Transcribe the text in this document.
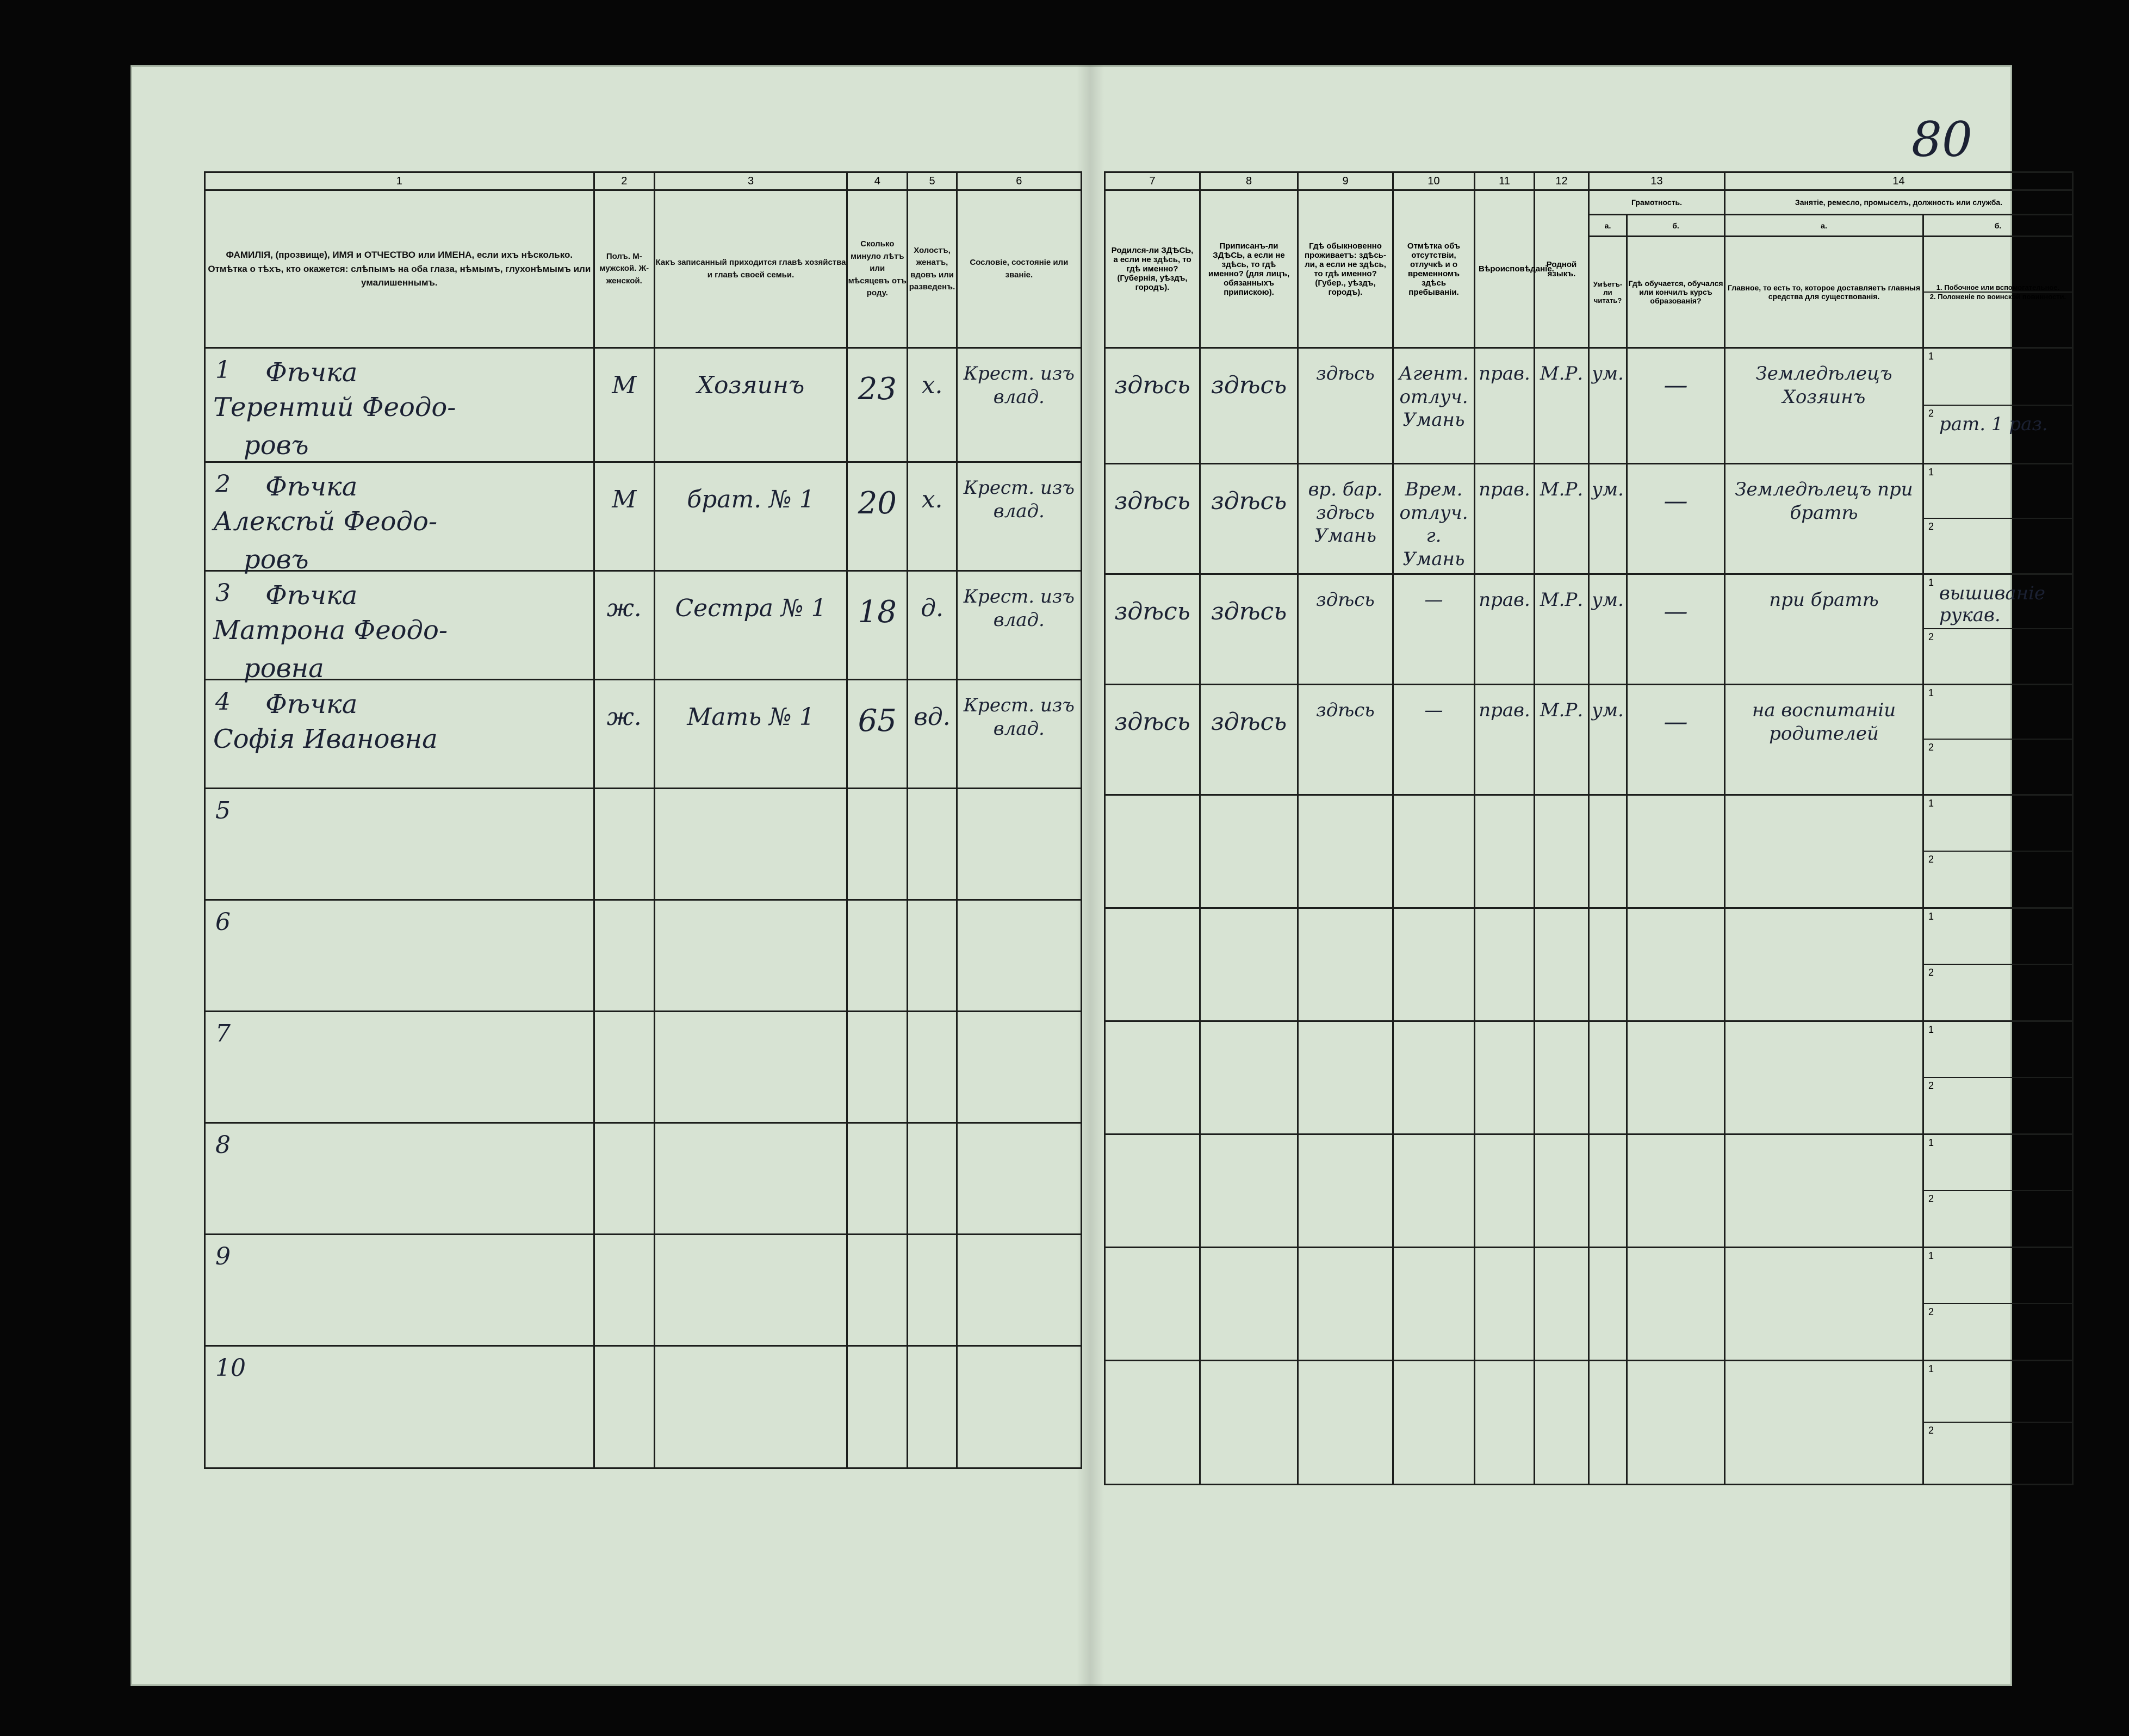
80
1	2	3	4	5	6
ФАМИЛІЯ, (прозвище), ИМЯ и ОТЧЕСТВО или ИМЕНА, если ихъ нѣсколько. Отмѣтка о тѣхъ, кто окажется: слѣпымъ на оба глаза, нѣмымъ, глухонѣмымъ или умалишеннымъ.	Полъ. М-мужской. Ж-женской.	Какъ записанный приходится главѣ хозяйства и главѣ своей семьи.	Сколько минуло лѣтъ или мѣсяцевъ отъ роду.	Холостъ, женатъ, вдовъ или разведенъ.	Сословіе, состояніе или званіе.

1 Фѣчка
Терентий Феодо-
ровъ	М	Хозяинъ	23	х.	Крест. изъ влад.

2 Фѣчка
Алексѣй Феодо-
ровъ	М	брат. № 1	20	х.	Крест. изъ влад.

3 Фѣчка
Матрона Феодо-
ровна	ж.	Сестра № 1	18	д.	Крест. изъ влад.

4 Фѣчка
Софія Ивановна	ж.	Мать № 1	65	вд.	Крест. изъ влад.

5					

6					

7					

8					

9					

10					

7	8	9	10	11	12	13		14	
Родился-ли ЗДѢСЬ, а если не здѣсь, то гдѣ именно? (Губернія, уѣздъ, городъ).	Приписанъ-ли ЗДѢСЬ, а если не здѣсь, то гдѣ именно? (для лицъ, обязанныхъ припискою).	Гдѣ обыкновенно проживаетъ: здѣсь-ли, а если не здѣсь, то гдѣ именно? (Губер., уѣздъ, городъ).	Отмѣтка объ отсутствіи, отлучкѣ и о временномъ здѣсь пребываніи.	Вѣроисповѣданіе.	Родной языкъ.	Грамотность.		Занятіе, ремесло, промыселъ, должность или служба.	
						а.	б.	а.	б.
						Умѣетъ-ли читать?	Гдѣ обучается, обучался или кончилъ курсъ образованія?	Главное, то есть то, которое доставляетъ главныя средства для существованія.	1. Побочное или вспомогательное.
2. Положеніе по воинской повинности.

здѣсь	здѣсь	здѣсь	Агент. отлуч. Умань	прав.	М.Р.	ум.	—	Земледѣлецъ Хозяинъ	1
2 рат. 1 раз.

здѣсь	здѣсь	вр. бар. здѣсь Умань	Врем. отлуч. г. Умань	прав.	М.Р.	ум.	—	Земледѣлецъ при братѣ	1
2

здѣсь	здѣсь	здѣсь	—	прав.	М.Р.	ум.	—	при братѣ	1 вышиваніе рукав.
2

здѣсь	здѣсь	здѣсь	—	прав.	М.Р.	ум.	—	на воспитаніи родителей	1
2

									1
2

									1
2

									1
2

									1
2

									1
2

									1
2
